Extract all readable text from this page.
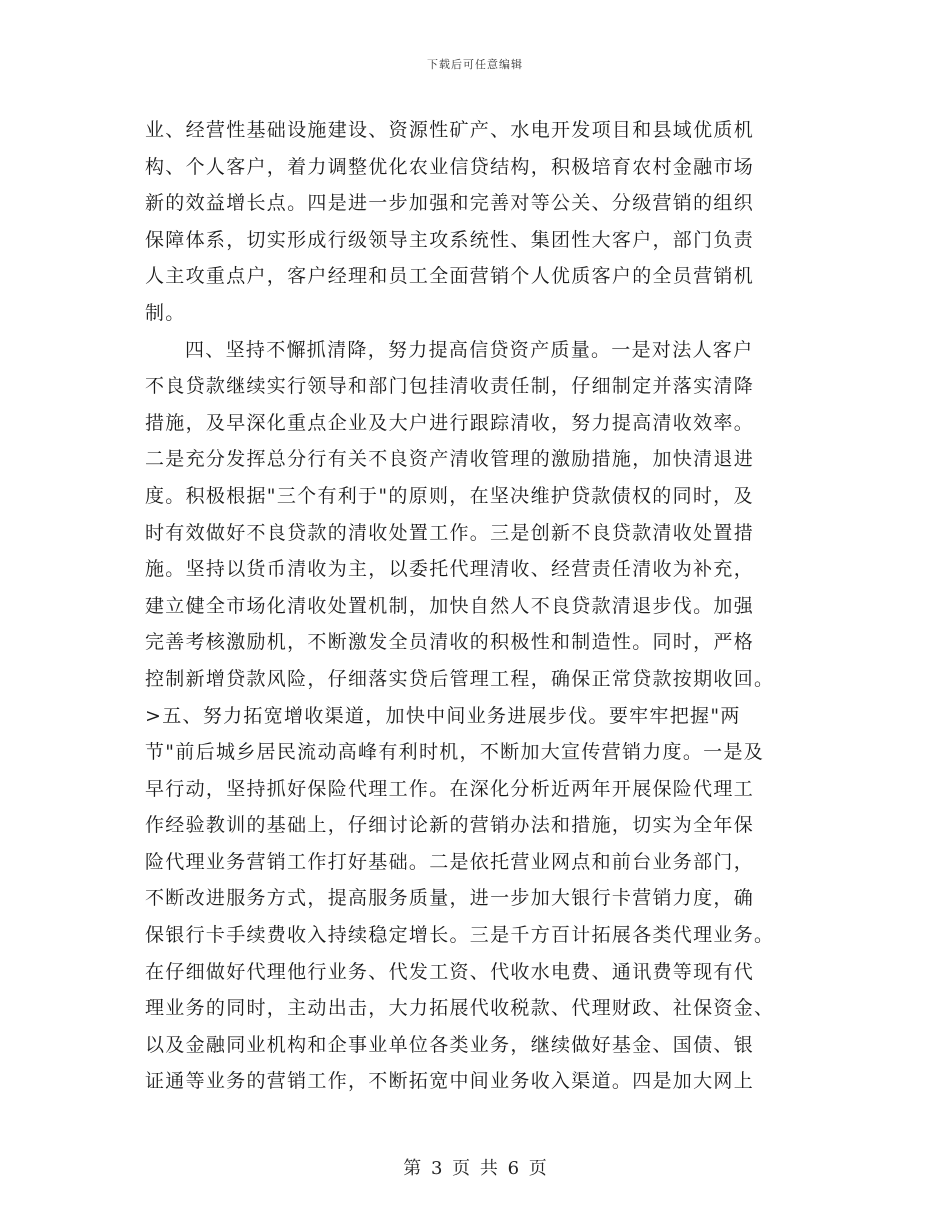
下载后可任意编辑
业、经营性基础设施建设、资源性矿产、水电开发项目和县域优质机
构、个人客户，着力调整优化农业信贷结构，积极培育农村金融市场
新的效益增长点。四是进一步加强和完善对等公关、分级营销的组织
保障体系，切实形成行级领导主攻系统性、集团性大客户，部门负责
人主攻重点户，客户经理和员工全面营销个人优质客户的全员营销机
制。
四、坚持不懈抓清降，努力提高信贷资产质量。一是对法人客户
不良贷款继续实行领导和部门包挂清收责任制，仔细制定并落实清降
措施，及早深化重点企业及大户进行跟踪清收，努力提高清收效率。
二是充分发挥总分行有关不良资产清收管理的激励措施，加快清退进
度。积极根据"三个有利于"的原则，在坚决维护贷款债权的同时，及
时有效做好不良贷款的清收处置工作。三是创新不良贷款清收处置措
施。坚持以货币清收为主，以委托代理清收、经营责任清收为补充，
建立健全市场化清收处置机制，加快自然人不良贷款清退步伐。加强
完善考核激励机，不断激发全员清收的积极性和制造性。同时，严格
控制新增贷款风险，仔细落实贷后管理工程，确保正常贷款按期收回。
>五、努力拓宽增收渠道，加快中间业务进展步伐。要牢牢把握"两
节"前后城乡居民流动高峰有利时机，不断加大宣传营销力度。一是及
早行动，坚持抓好保险代理工作。在深化分析近两年开展保险代理工
作经验教训的基础上，仔细讨论新的营销办法和措施，切实为全年保
险代理业务营销工作打好基础。二是依托营业网点和前台业务部门，
不断改进服务方式，提高服务质量，进一步加大银行卡营销力度，确
保银行卡手续费收入持续稳定增长。三是千方百计拓展各类代理业务。
在仔细做好代理他行业务、代发工资、代收水电费、通讯费等现有代
理业务的同时，主动出击，大力拓展代收税款、代理财政、社保资金、
以及金融同业机构和企事业单位各类业务，继续做好基金、国债、银
证通等业务的营销工作，不断拓宽中间业务收入渠道。四是加大网上
第 3 页 共 6 页
